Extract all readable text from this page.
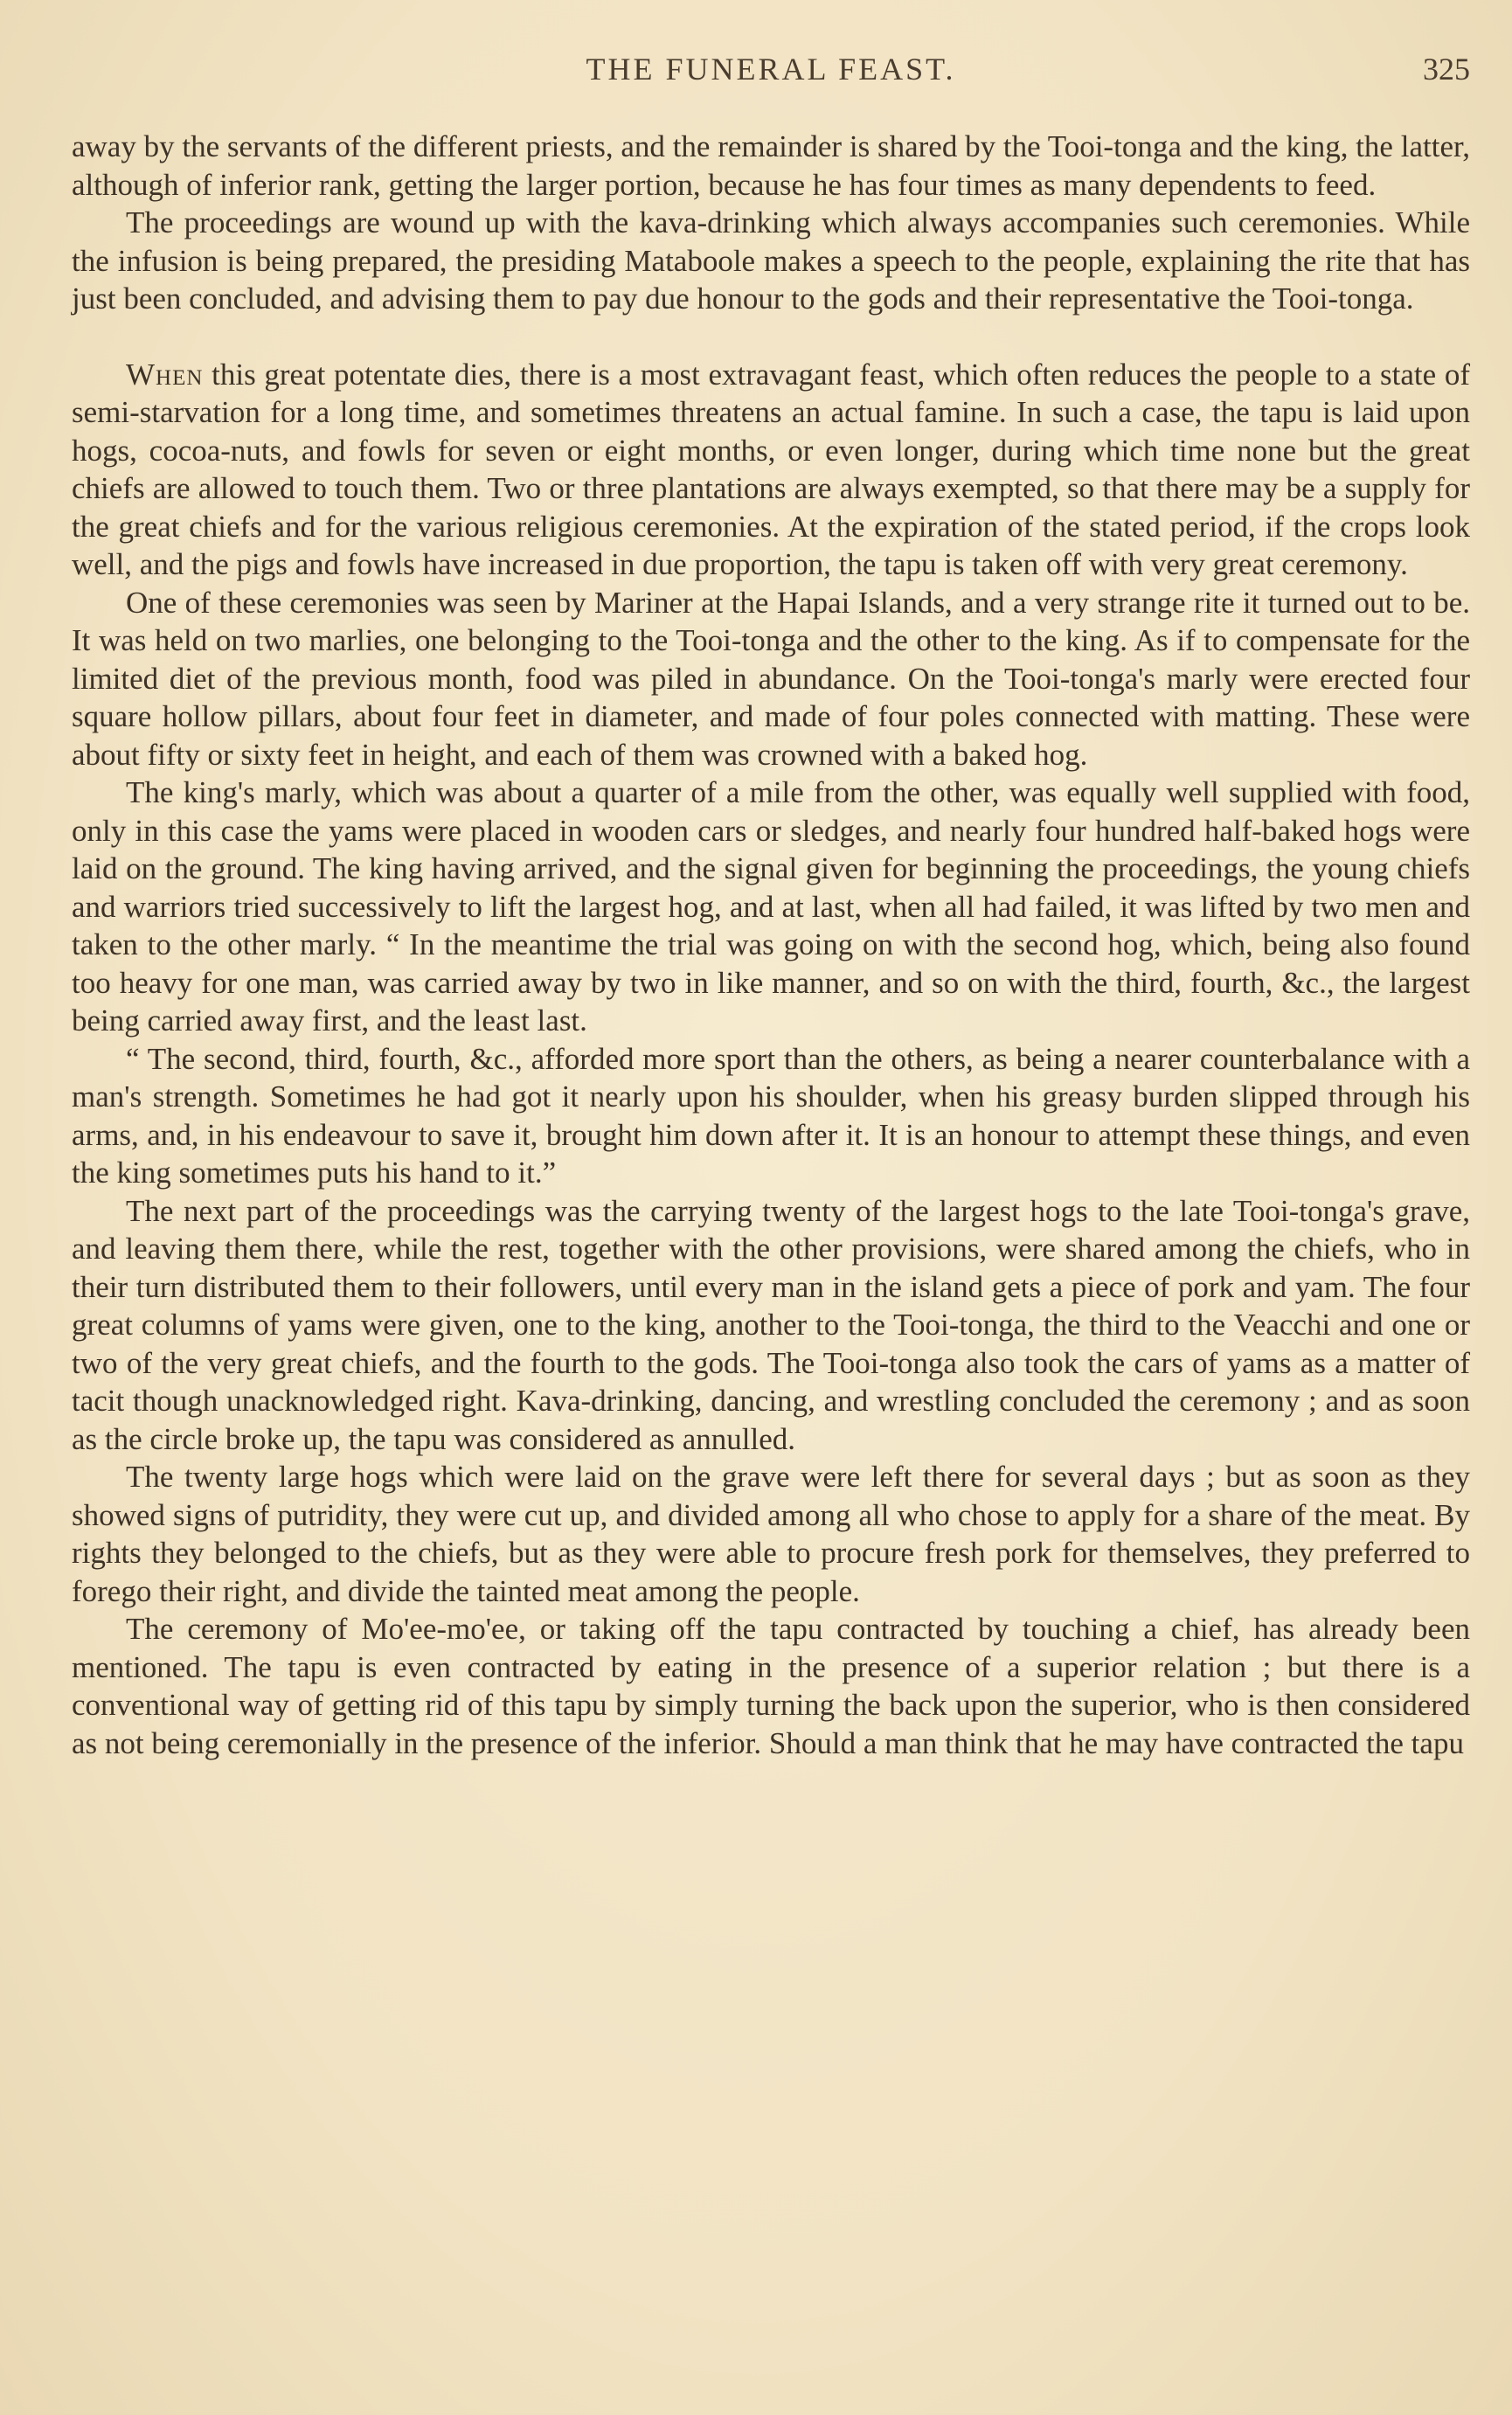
THE FUNERAL FEAST.	325

away by the servants of the different priests, and the remainder is shared by the Tooi-tonga and the king, the latter, although of inferior rank, getting the larger portion, because he has four times as many dependents to feed.

The proceedings are wound up with the kava-drinking which always accompanies such ceremonies. While the infusion is being prepared, the presiding Mataboole makes a speech to the people, explaining the rite that has just been concluded, and advising them to pay due honour to the gods and their representative the Tooi-tonga.

When this great potentate dies, there is a most extravagant feast, which often reduces the people to a state of semi-starvation for a long time, and sometimes threatens an actual famine. In such a case, the tapu is laid upon hogs, cocoa-nuts, and fowls for seven or eight months, or even longer, during which time none but the great chiefs are allowed to touch them. Two or three plantations are always exempted, so that there may be a supply for the great chiefs and for the various religious ceremonies. At the expiration of the stated period, if the crops look well, and the pigs and fowls have increased in due proportion, the tapu is taken off with very great ceremony.

One of these ceremonies was seen by Mariner at the Hapai Islands, and a very strange rite it turned out to be. It was held on two marlies, one belonging to the Tooi-tonga and the other to the king. As if to compensate for the limited diet of the previous month, food was piled in abundance. On the Tooi-tonga's marly were erected four square hollow pillars, about four feet in diameter, and made of four poles connected with matting. These were about fifty or sixty feet in height, and each of them was crowned with a baked hog.

The king's marly, which was about a quarter of a mile from the other, was equally well supplied with food, only in this case the yams were placed in wooden cars or sledges, and nearly four hundred half-baked hogs were laid on the ground. The king having arrived, and the signal given for beginning the proceedings, the young chiefs and warriors tried successively to lift the largest hog, and at last, when all had failed, it was lifted by two men and taken to the other marly. “ In the meantime the trial was going on with the second hog, which, being also found too heavy for one man, was carried away by two in like manner, and so on with the third, fourth, &c., the largest being carried away first, and the least last.

“ The second, third, fourth, &c., afforded more sport than the others, as being a nearer counterbalance with a man's strength. Sometimes he had got it nearly upon his shoulder, when his greasy burden slipped through his arms, and, in his endeavour to save it, brought him down after it. It is an honour to attempt these things, and even the king sometimes puts his hand to it.”

The next part of the proceedings was the carrying twenty of the largest hogs to the late Tooi-tonga's grave, and leaving them there, while the rest, together with the other provisions, were shared among the chiefs, who in their turn distributed them to their followers, until every man in the island gets a piece of pork and yam. The four great columns of yams were given, one to the king, another to the Tooi-tonga, the third to the Veacchi and one or two of the very great chiefs, and the fourth to the gods. The Tooi-tonga also took the cars of yams as a matter of tacit though unacknowledged right. Kava-drinking, dancing, and wrestling concluded the ceremony ; and as soon as the circle broke up, the tapu was considered as annulled.

The twenty large hogs which were laid on the grave were left there for several days ; but as soon as they showed signs of putridity, they were cut up, and divided among all who chose to apply for a share of the meat. By rights they belonged to the chiefs, but as they were able to procure fresh pork for themselves, they preferred to forego their right, and divide the tainted meat among the people.

The ceremony of Mo'ee-mo'ee, or taking off the tapu contracted by touching a chief, has already been mentioned. The tapu is even contracted by eating in the presence of a superior relation ; but there is a conventional way of getting rid of this tapu by simply turning the back upon the superior, who is then considered as not being ceremonially in the presence of the inferior. Should a man think that he may have contracted the tapu
